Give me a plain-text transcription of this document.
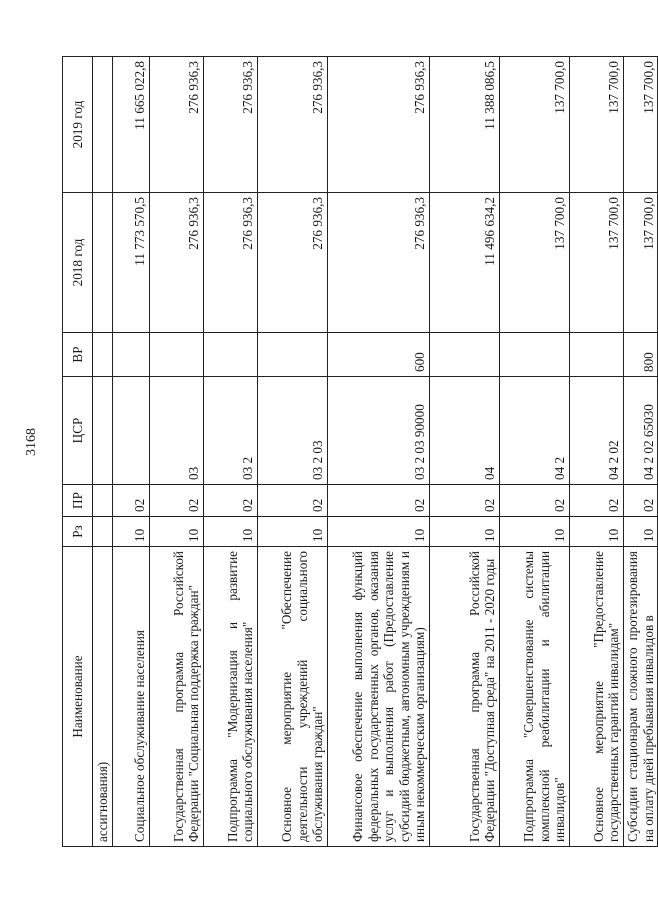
3168
Наименование	Рз	ПР	ЦСР	ВР	2018 год	2019 год
ассигнования)						
Социальное обслуживание населения	10	02			11 773 570,5	11 665 022,8
Государственная программа Российской Федерации "Социальная поддержка граждан"	10	02	03		276 936,3	276 936,3
Подпрограмма "Модернизация и развитие социального обслуживания населения"	10	02	03 2		276 936,3	276 936,3
Основное мероприятие "Обеспечение деятельности учреждений социального обслуживания граждан"	10	02	03 2 03		276 936,3	276 936,3
Финансовое обеспечение выполнения функций федеральных государственных органов, оказания услуг и выполнения работ (Предоставление субсидий бюджетным, автономным учреждениям и иным некоммерческим организациям)	10	02	03 2 03 90000	600	276 936,3	276 936,3
Государственная программа Российской Федерации "Доступная среда" на 2011 - 2020 годы	10	02	04		11 496 634,2	11 388 086,5
Подпрограмма "Совершенствование системы комплексной реабилитации и абилитации инвалидов"	10	02	04 2		137 700,0	137 700,0
Основное мероприятие "Предоставление государственных гарантий инвалидам"	10	02	04 2 02		137 700,0	137 700,0
Субсидии стационарам сложного протезирования на оплату дней пребывания инвалидов в	10	02	04 2 02 65030	800	137 700,0	137 700,0
